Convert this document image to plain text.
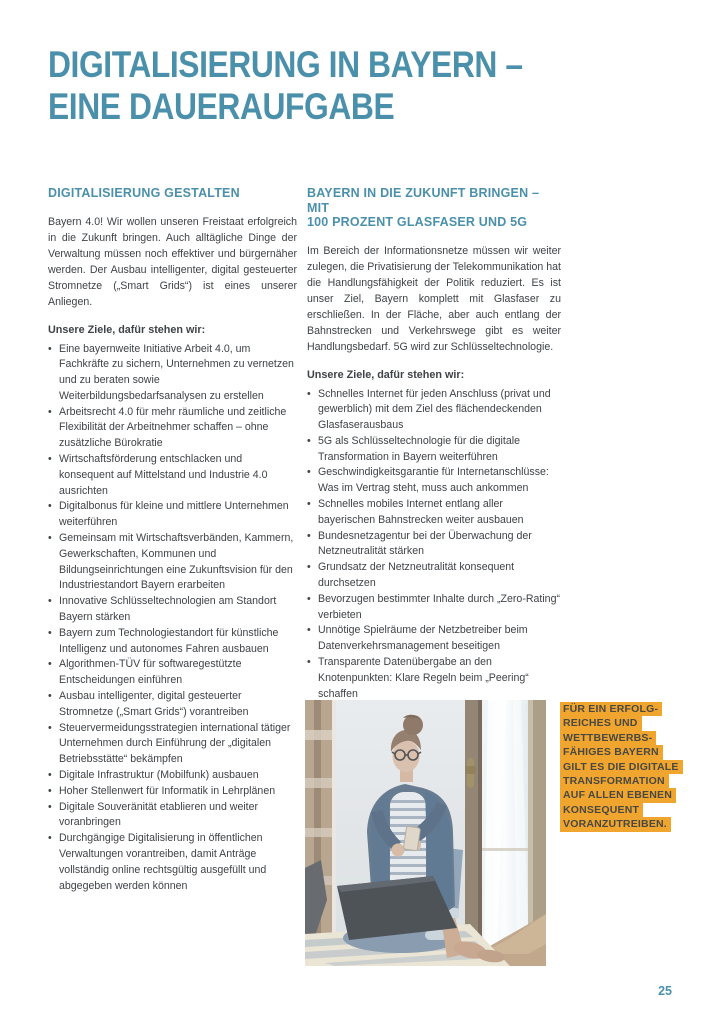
DIGITALISIERUNG IN BAYERN –
EINE DAUERAUFGABE
DIGITALISIERUNG GESTALTEN

Bayern 4.0! Wir wollen unseren Freistaat erfolgreich in die Zukunft bringen. Auch alltägliche Dinge der Verwaltung müssen noch effektiver und bürgernäher werden. Der Ausbau intelligenter, digital gesteuerter Stromnetze („Smart Grids“) ist eines unserer Anliegen.

Unsere Ziele, dafür stehen wir:

• Eine bayernweite Initiative Arbeit 4.0, um Fachkräfte zu sichern, Unternehmen zu vernetzen und zu beraten sowie Weiterbildungsbedarfsanalysen zu erstellen
• Arbeitsrecht 4.0 für mehr räumliche und zeitliche Flexibilität der Arbeitnehmer schaffen – ohne zusätzliche Bürokratie
• Wirtschaftsförderung entschlacken und konsequent auf Mittelstand und Industrie 4.0 ausrichten
• Digitalbonus für kleine und mittlere Unternehmen weiterführen
• Gemeinsam mit Wirtschaftsverbänden, Kammern, Gewerkschaften, Kommunen und Bildungseinrichtungen eine Zukunftsvision für den Industriestandort Bayern erarbeiten
• Innovative Schlüsseltechnologien am Standort Bayern stärken
• Bayern zum Technologiestandort für künstliche Intelligenz und autonomes Fahren ausbauen
• Algorithmen-TÜV für softwaregestützte Entscheidungen einführen
• Ausbau intelligenter, digital gesteuerter Stromnetze („Smart Grids“) vorantreiben
• Steuervermeidungsstrategien international tätiger Unternehmen durch Einführung der „digitalen Betriebsstätte“ bekämpfen
• Digitale Infrastruktur (Mobilfunk) ausbauen
• Hoher Stellenwert für Informatik in Lehrplänen
• Digitale Souveränität etablieren und weiter voranbringen
• Durchgängige Digitalisierung in öffentlichen Verwaltungen vorantreiben, damit Anträge vollständig online rechtsgültig ausgefüllt und abgegeben werden können
BAYERN IN DIE ZUKUNFT BRINGEN – MIT
100 PROZENT GLASFASER UND 5G

Im Bereich der Informationsnetze müssen wir weiter zulegen, die Privatisierung der Telekommunikation hat die Handlungsfähigkeit der Politik reduziert. Es ist unser Ziel, Bayern komplett mit Glasfaser zu erschließen. In der Fläche, aber auch entlang der Bahnstrecken und Verkehrswege gibt es weiter Handlungsbedarf. 5G wird zur Schlüsseltechnologie.

Unsere Ziele, dafür stehen wir:

• Schnelles Internet für jeden Anschluss (privat und gewerblich) mit dem Ziel des flächendeckenden Glasfaserausbaus
• 5G als Schlüsseltechnologie für die digitale Transformation in Bayern weiterführen
• Geschwindigkeitsgarantie für Internetanschlüsse: Was im Vertrag steht, muss auch ankommen
• Schnelles mobiles Internet entlang aller bayerischen Bahnstrecken weiter ausbauen
• Bundesnetzagentur bei der Überwachung der Netzneutralität stärken
• Grundsatz der Netzneutralität konsequent durchsetzen
• Bevorzugen bestimmter Inhalte durch „Zero-Rating“ verbieten
• Unnötige Spielräume der Netzbetreiber beim Datenverkehrsmanagement beseitigen
• Transparente Datenübergabe an den Knotenpunkten: Klare Regeln beim „Peering“ schaffen
•
FÜR EIN ERFOLG-
REICHES UND
WETTBEWERBS-
FÄHIGES BAYERN
GILT ES DIE DIGITALE
TRANSFORMATION
AUF ALLEN EBENEN
KONSEQUENT
VORANZUTREIBEN.
25
